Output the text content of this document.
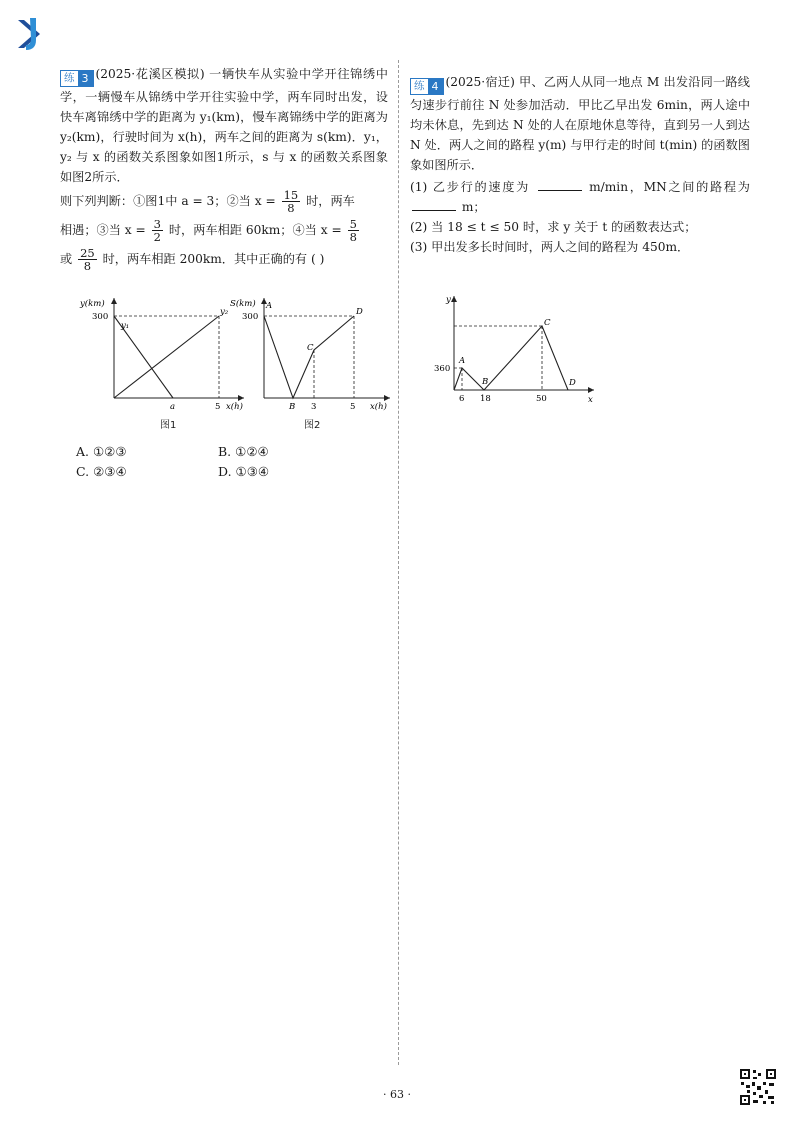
练 3 (2025·花溪区模拟) 一辆快车从实验中学开往锦绣中学，一辆慢车从锦绣中学开往实验中学，两车同时出发，设快车离锦绣中学的距离为 y₁(km)，慢车离锦绣中学的距离为 y₂(km)，行驶时间为 x(h)，两车之间的距离为 s(km)．y₁，y₂ 与 x 的函数关系图象如图1所示，s 与 x 的函数关系图象如图2所示．

则下列判断：①图1中 a = 3；②当 $x = \frac{15}{8}$ 时，两车

相遇；③当 $x = \frac{3}{2}$ 时，两车相距 60km；④当 $x = \frac{5}{8}$

或 $\frac{25}{8}$ 时，两车相距 200km．其中正确的有 ( )

y(km)
300
y₁
y₂
a	5 x(h)
图1
S(km)
300
A
B
C
D
3	5 x(h)
图2
A. ①②③	B. ①②④
C. ②③④	D. ①③④

练 4 (2025·宿迁) 甲、乙两人从同一地点 M 出发沿同一路线匀速步行前往 N 处参加活动．甲比乙早出发 6min，两人途中均未休息，先到达 N 处的人在原地休息等待，直到另一人到达 N 处．两人之间的路程 y(m) 与甲行走的时间 t(min) 的函数图象如图所示．

(1) 乙步行的速度为	m/min，MN之间的路程为  m；

(2) 当 18 ≤ t ≤ 50 时，求 y 关于 t 的函数表达式；

(3) 甲出发多长时间时，两人之间的路程为 450m．

y
360
A
B
C
D
6 18	50	x
· 63 ·
